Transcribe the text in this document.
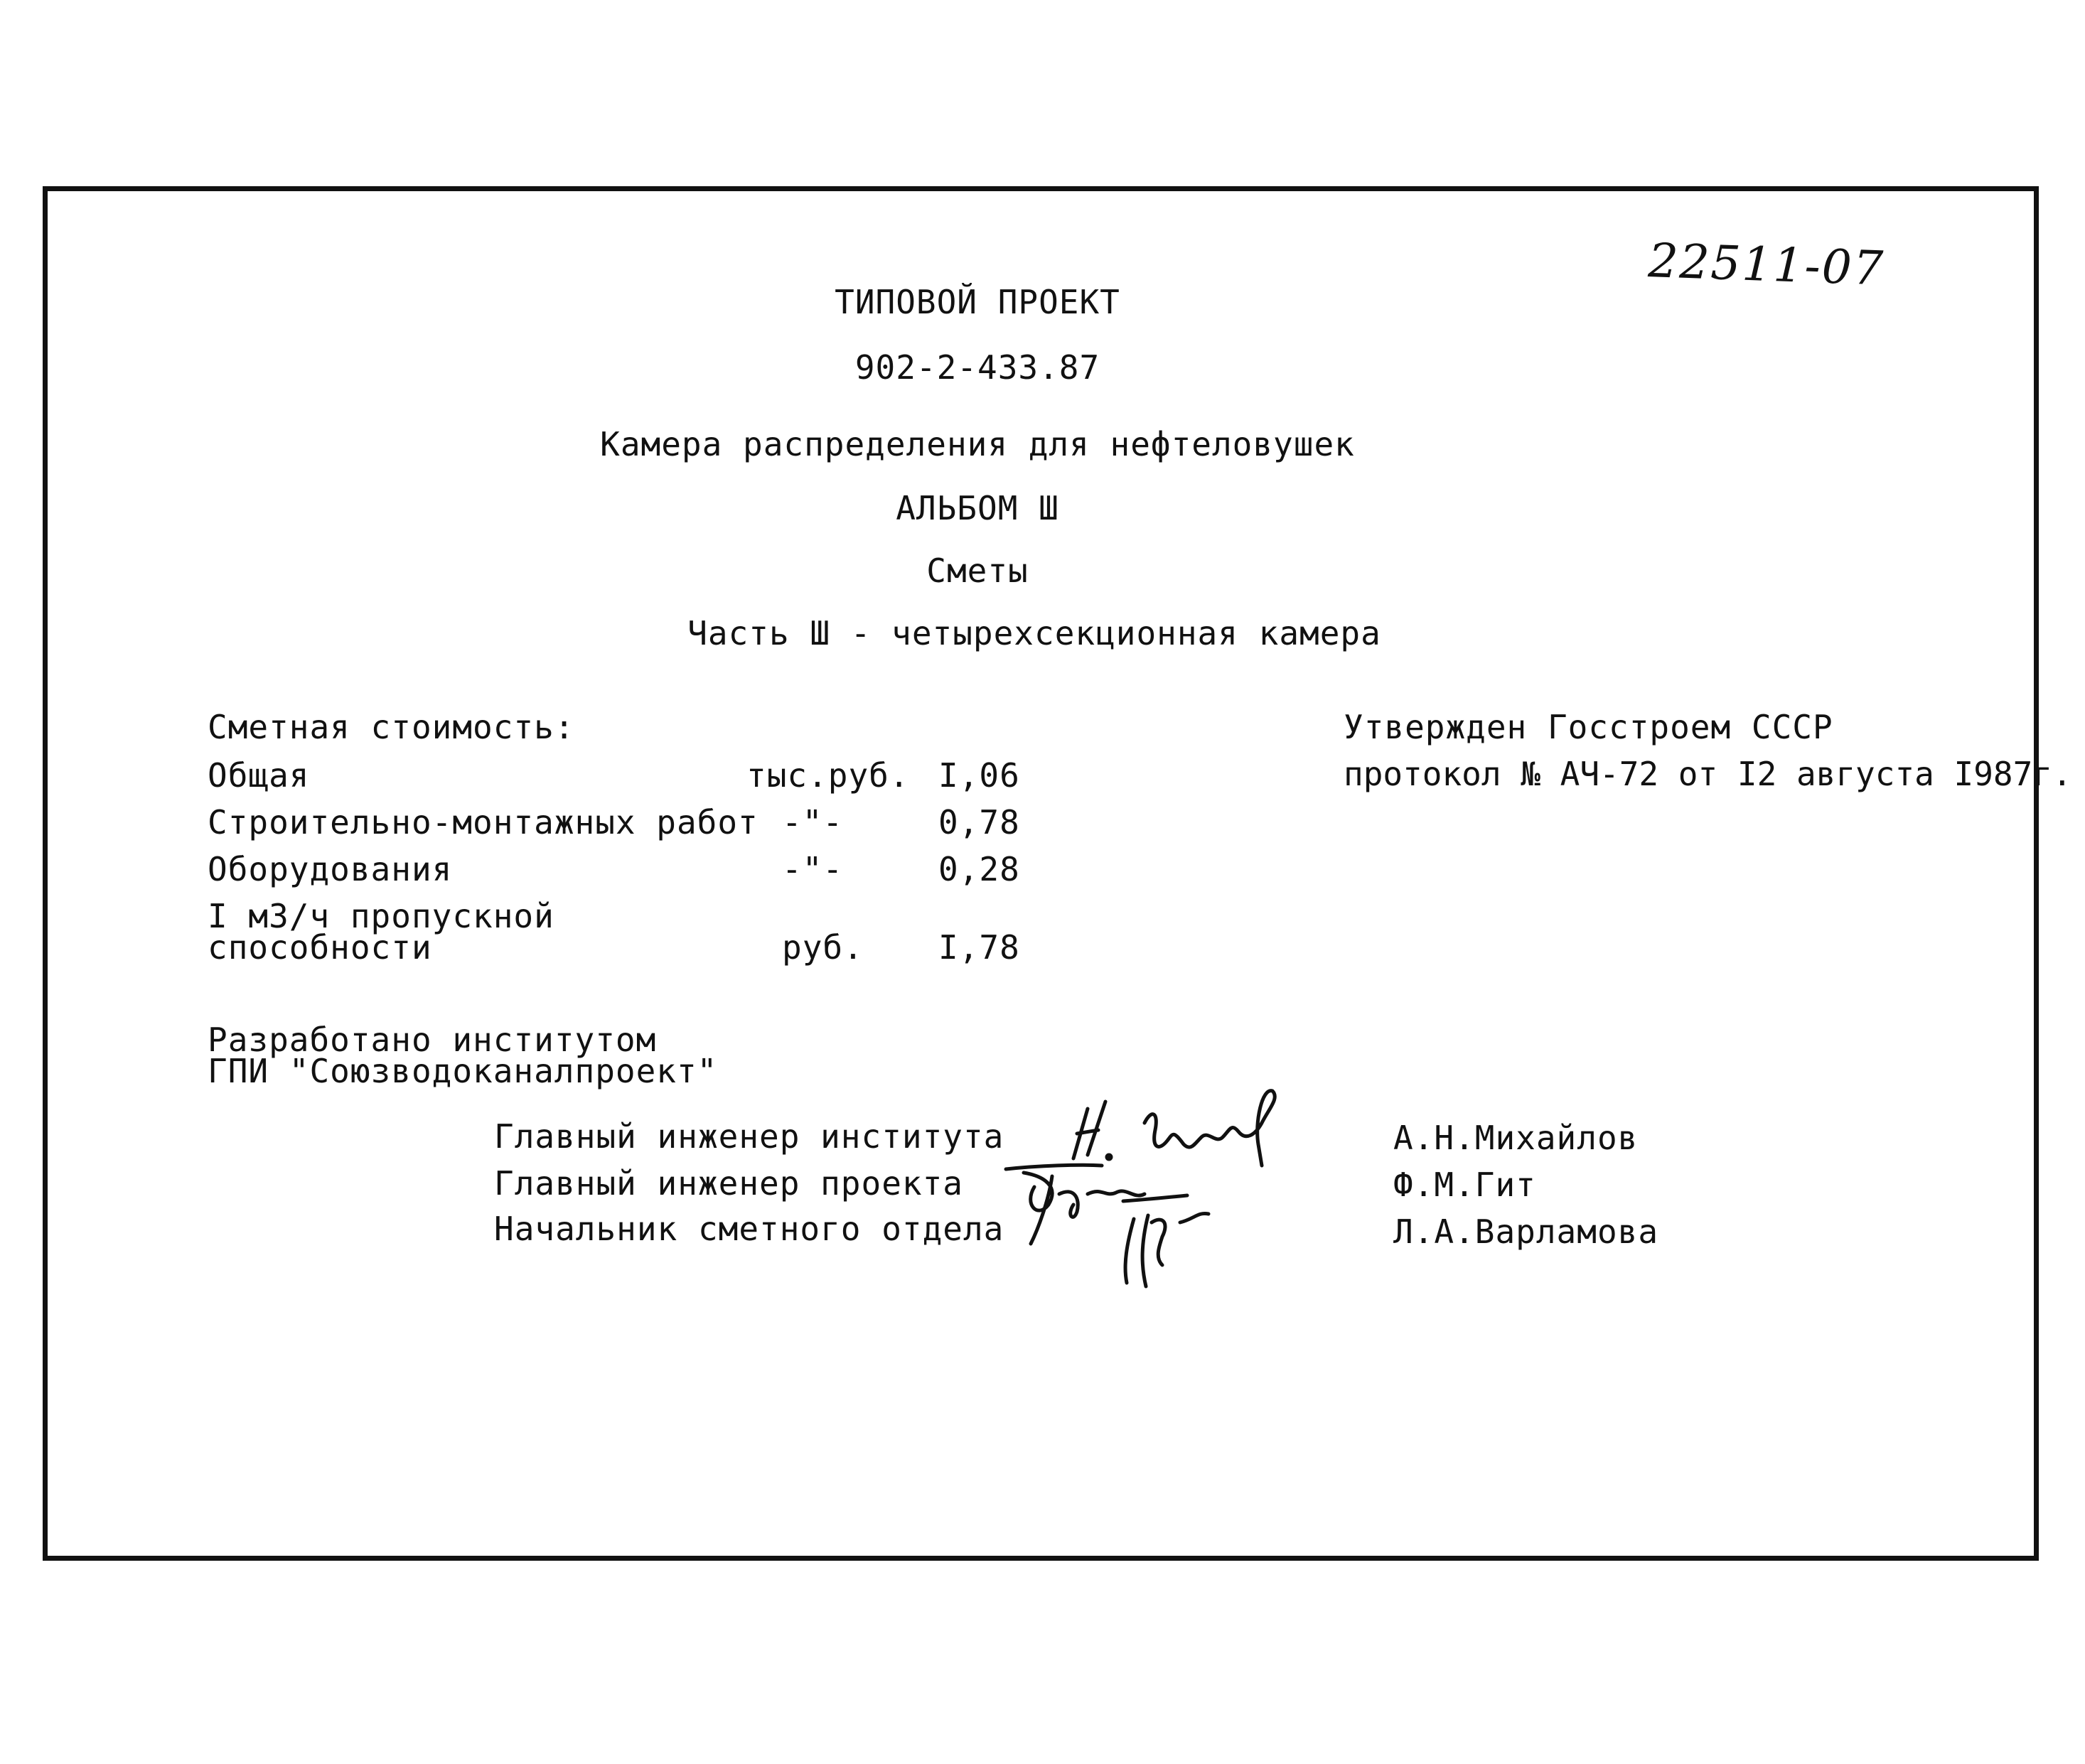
22511-07
ТИПОВОЙ ПРОЕКТ
902-2-433.87
Камера распределения для нефтеловушек
АЛЬБОМ Ш
Сметы
Часть Ш - четырехсекционная камера
Сметная стоимость:
Общая	тыс.руб. I,06
Строительно-монтажных работ -"-	0,78
Оборудования	-"-	0,28
I м3/ч пропускной
способности	руб. I,78
Утвержден Госстроем СССР
протокол № АЧ-72 от I2 августа I987г.
Разработано институтом
ГПИ "Союзводоканалпроект"
Главный инженер института	А.Н.Михайлов
Главный инженер проекта	Ф.М.Гит
Начальник сметного отдела	Л.А.Варламова
